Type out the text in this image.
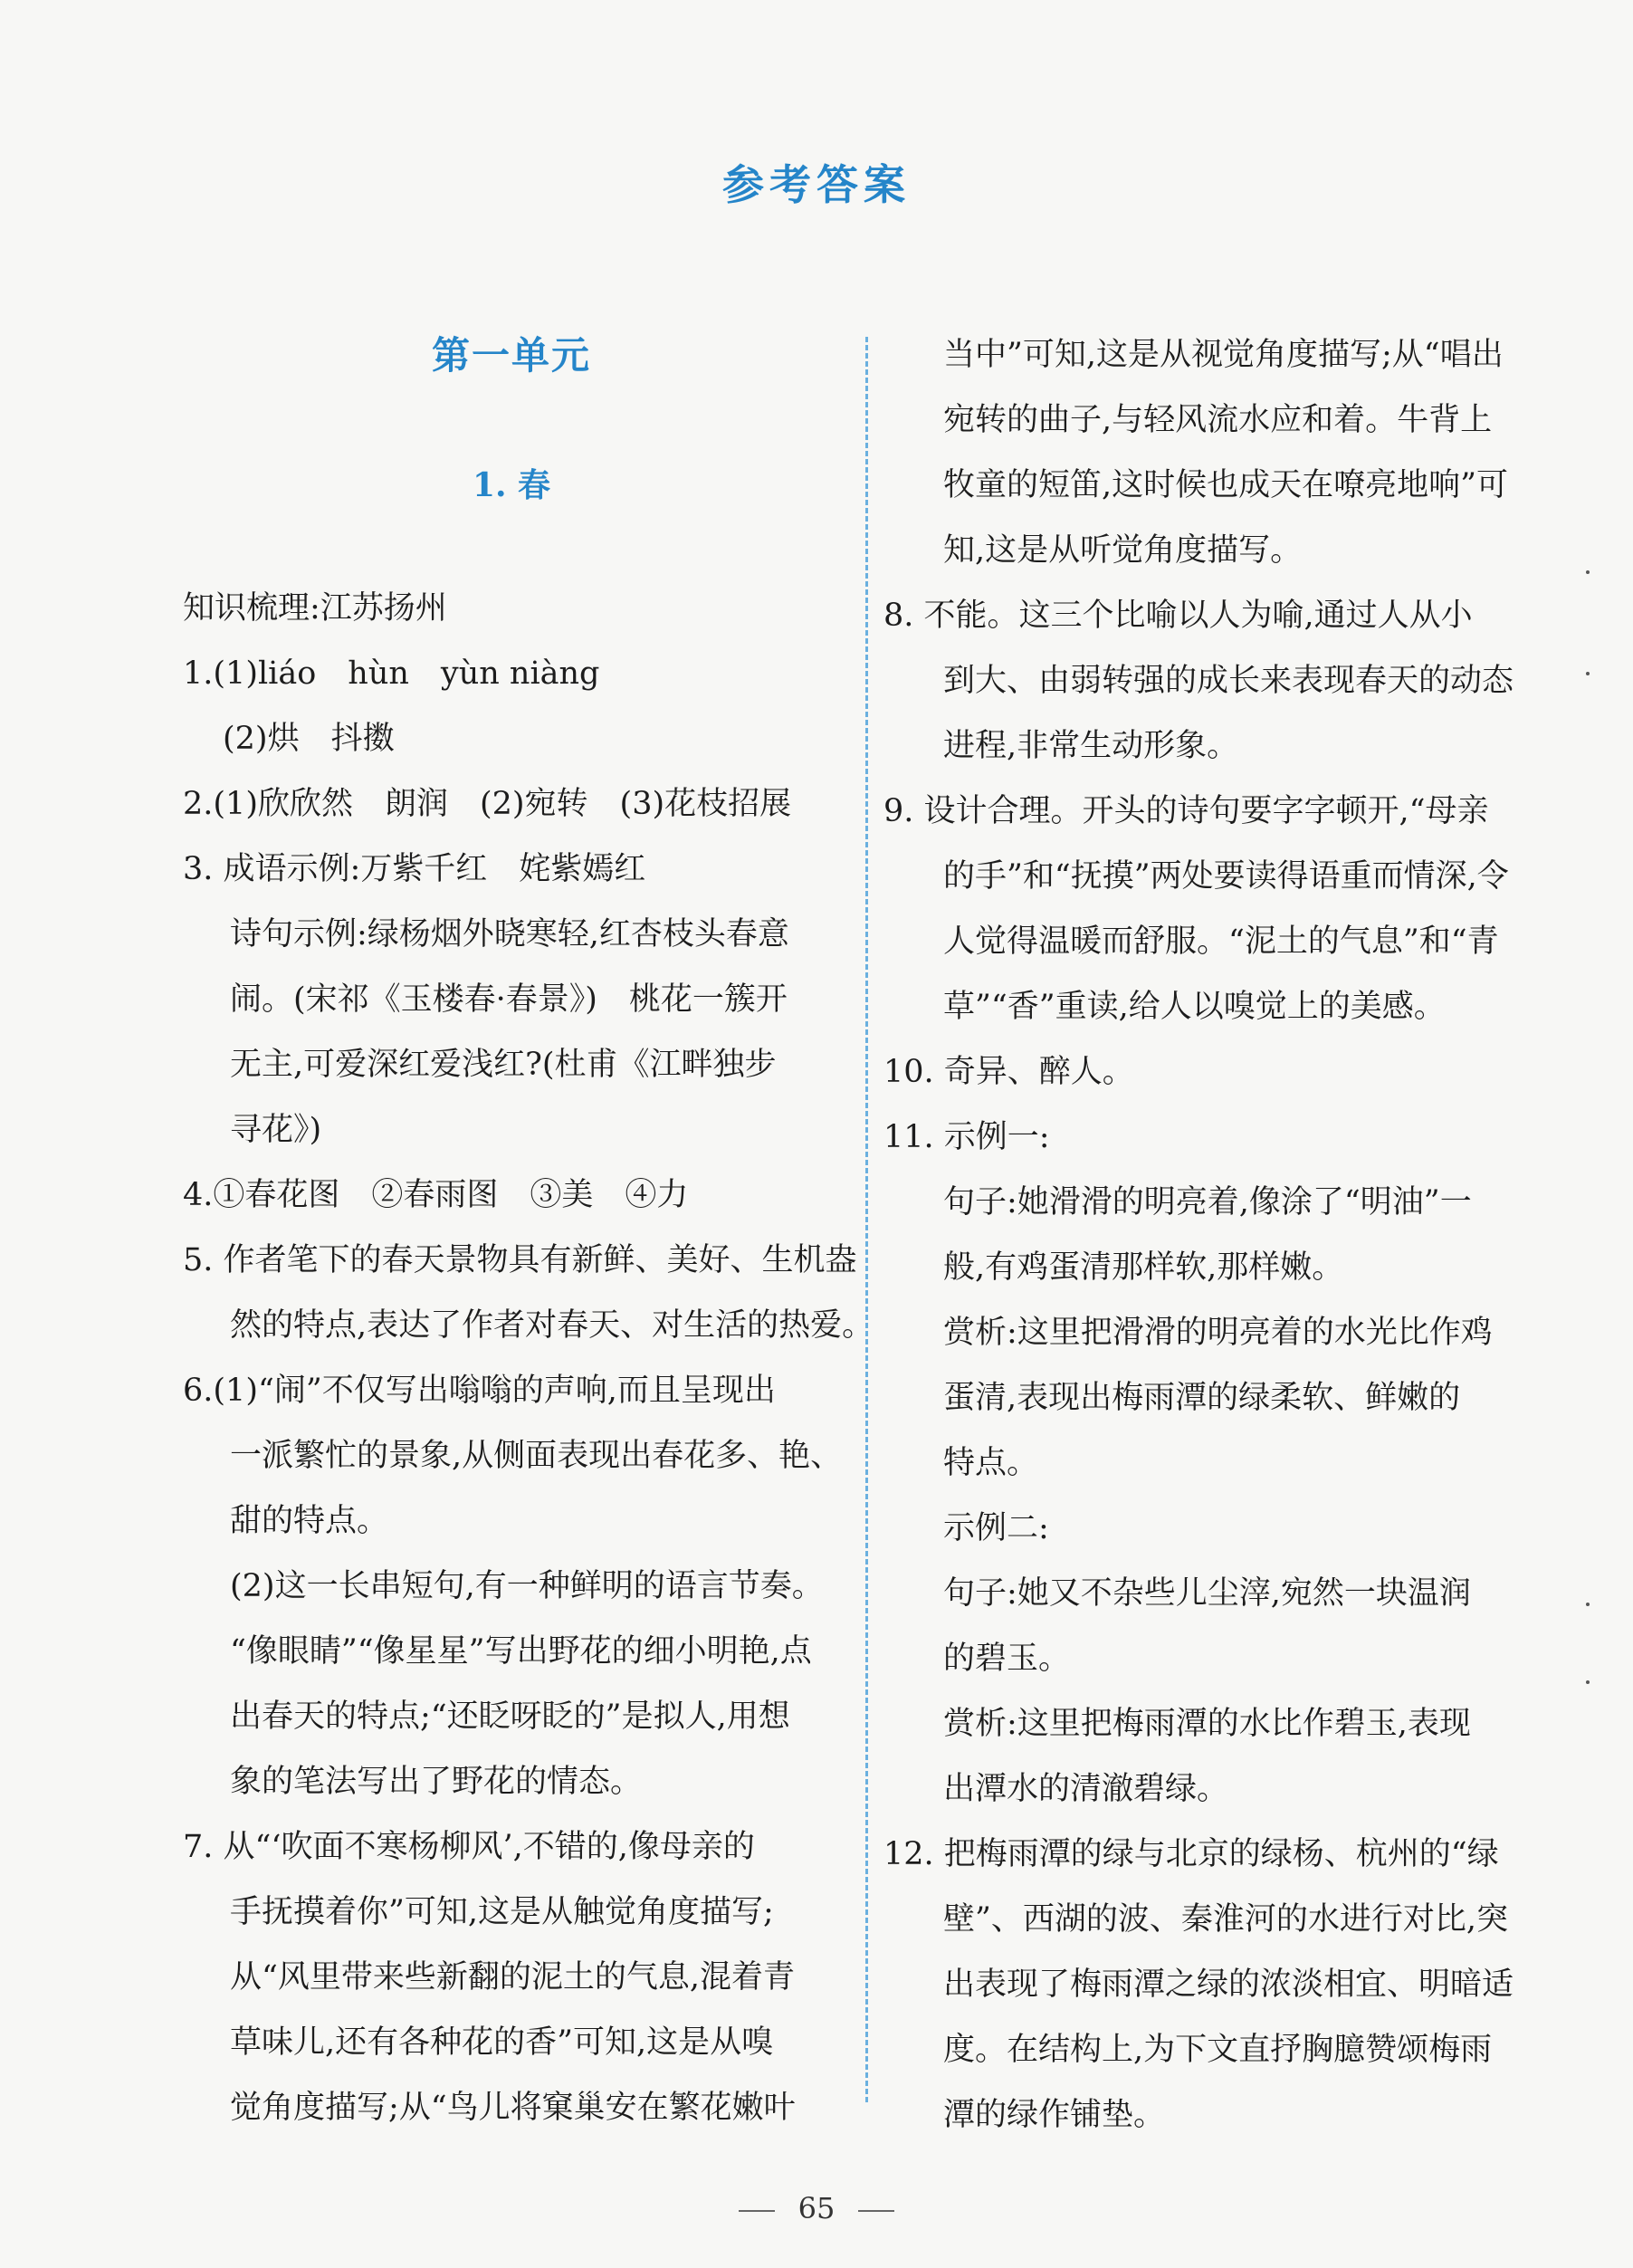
参考答案
第一单元
1. 春
知识梳理:江苏扬州
1.(1)liáo　hùn　yùn niàng
(2)烘　抖擞
2.(1)欣欣然　朗润　(2)宛转　(3)花枝招展
3. 成语示例:万紫千红　姹紫嫣红
诗句示例:绿杨烟外晓寒轻,红杏枝头春意
闹。(宋祁《玉楼春·春景》)　桃花一簇开
无主,可爱深红爱浅红?(杜甫《江畔独步
寻花》)
4.①春花图　②春雨图　③美　④力
5. 作者笔下的春天景物具有新鲜、美好、生机盎
然的特点,表达了作者对春天、对生活的热爱。
6.(1)“闹”不仅写出嗡嗡的声响,而且呈现出
一派繁忙的景象,从侧面表现出春花多、艳、
甜的特点。
(2)这一长串短句,有一种鲜明的语言节奏。
“像眼睛”“像星星”写出野花的细小明艳,点
出春天的特点;“还眨呀眨的”是拟人,用想
象的笔法写出了野花的情态。
7. 从“‘吹面不寒杨柳风’,不错的,像母亲的
手抚摸着你”可知,这是从触觉角度描写;
从“风里带来些新翻的泥土的气息,混着青
草味儿,还有各种花的香”可知,这是从嗅
觉角度描写;从“鸟儿将窠巢安在繁花嫩叶
当中”可知,这是从视觉角度描写;从“唱出
宛转的曲子,与轻风流水应和着。牛背上
牧童的短笛,这时候也成天在嘹亮地响”可
知,这是从听觉角度描写。
8. 不能。这三个比喻以人为喻,通过人从小
到大、由弱转强的成长来表现春天的动态
进程,非常生动形象。
9. 设计合理。开头的诗句要字字顿开,“母亲
的手”和“抚摸”两处要读得语重而情深,令
人觉得温暖而舒服。“泥土的气息”和“青
草”“香”重读,给人以嗅觉上的美感。
10. 奇异、醉人。
11. 示例一:
句子:她滑滑的明亮着,像涂了“明油”一
般,有鸡蛋清那样软,那样嫩。
赏析:这里把滑滑的明亮着的水光比作鸡
蛋清,表现出梅雨潭的绿柔软、鲜嫩的
特点。
示例二:
句子:她又不杂些儿尘滓,宛然一块温润
的碧玉。
赏析:这里把梅雨潭的水比作碧玉,表现
出潭水的清澈碧绿。
12. 把梅雨潭的绿与北京的绿杨、杭州的“绿
壁”、西湖的波、秦淮河的水进行对比,突
出表现了梅雨潭之绿的浓淡相宜、明暗适
度。在结构上,为下文直抒胸臆赞颂梅雨
潭的绿作铺垫。
65
